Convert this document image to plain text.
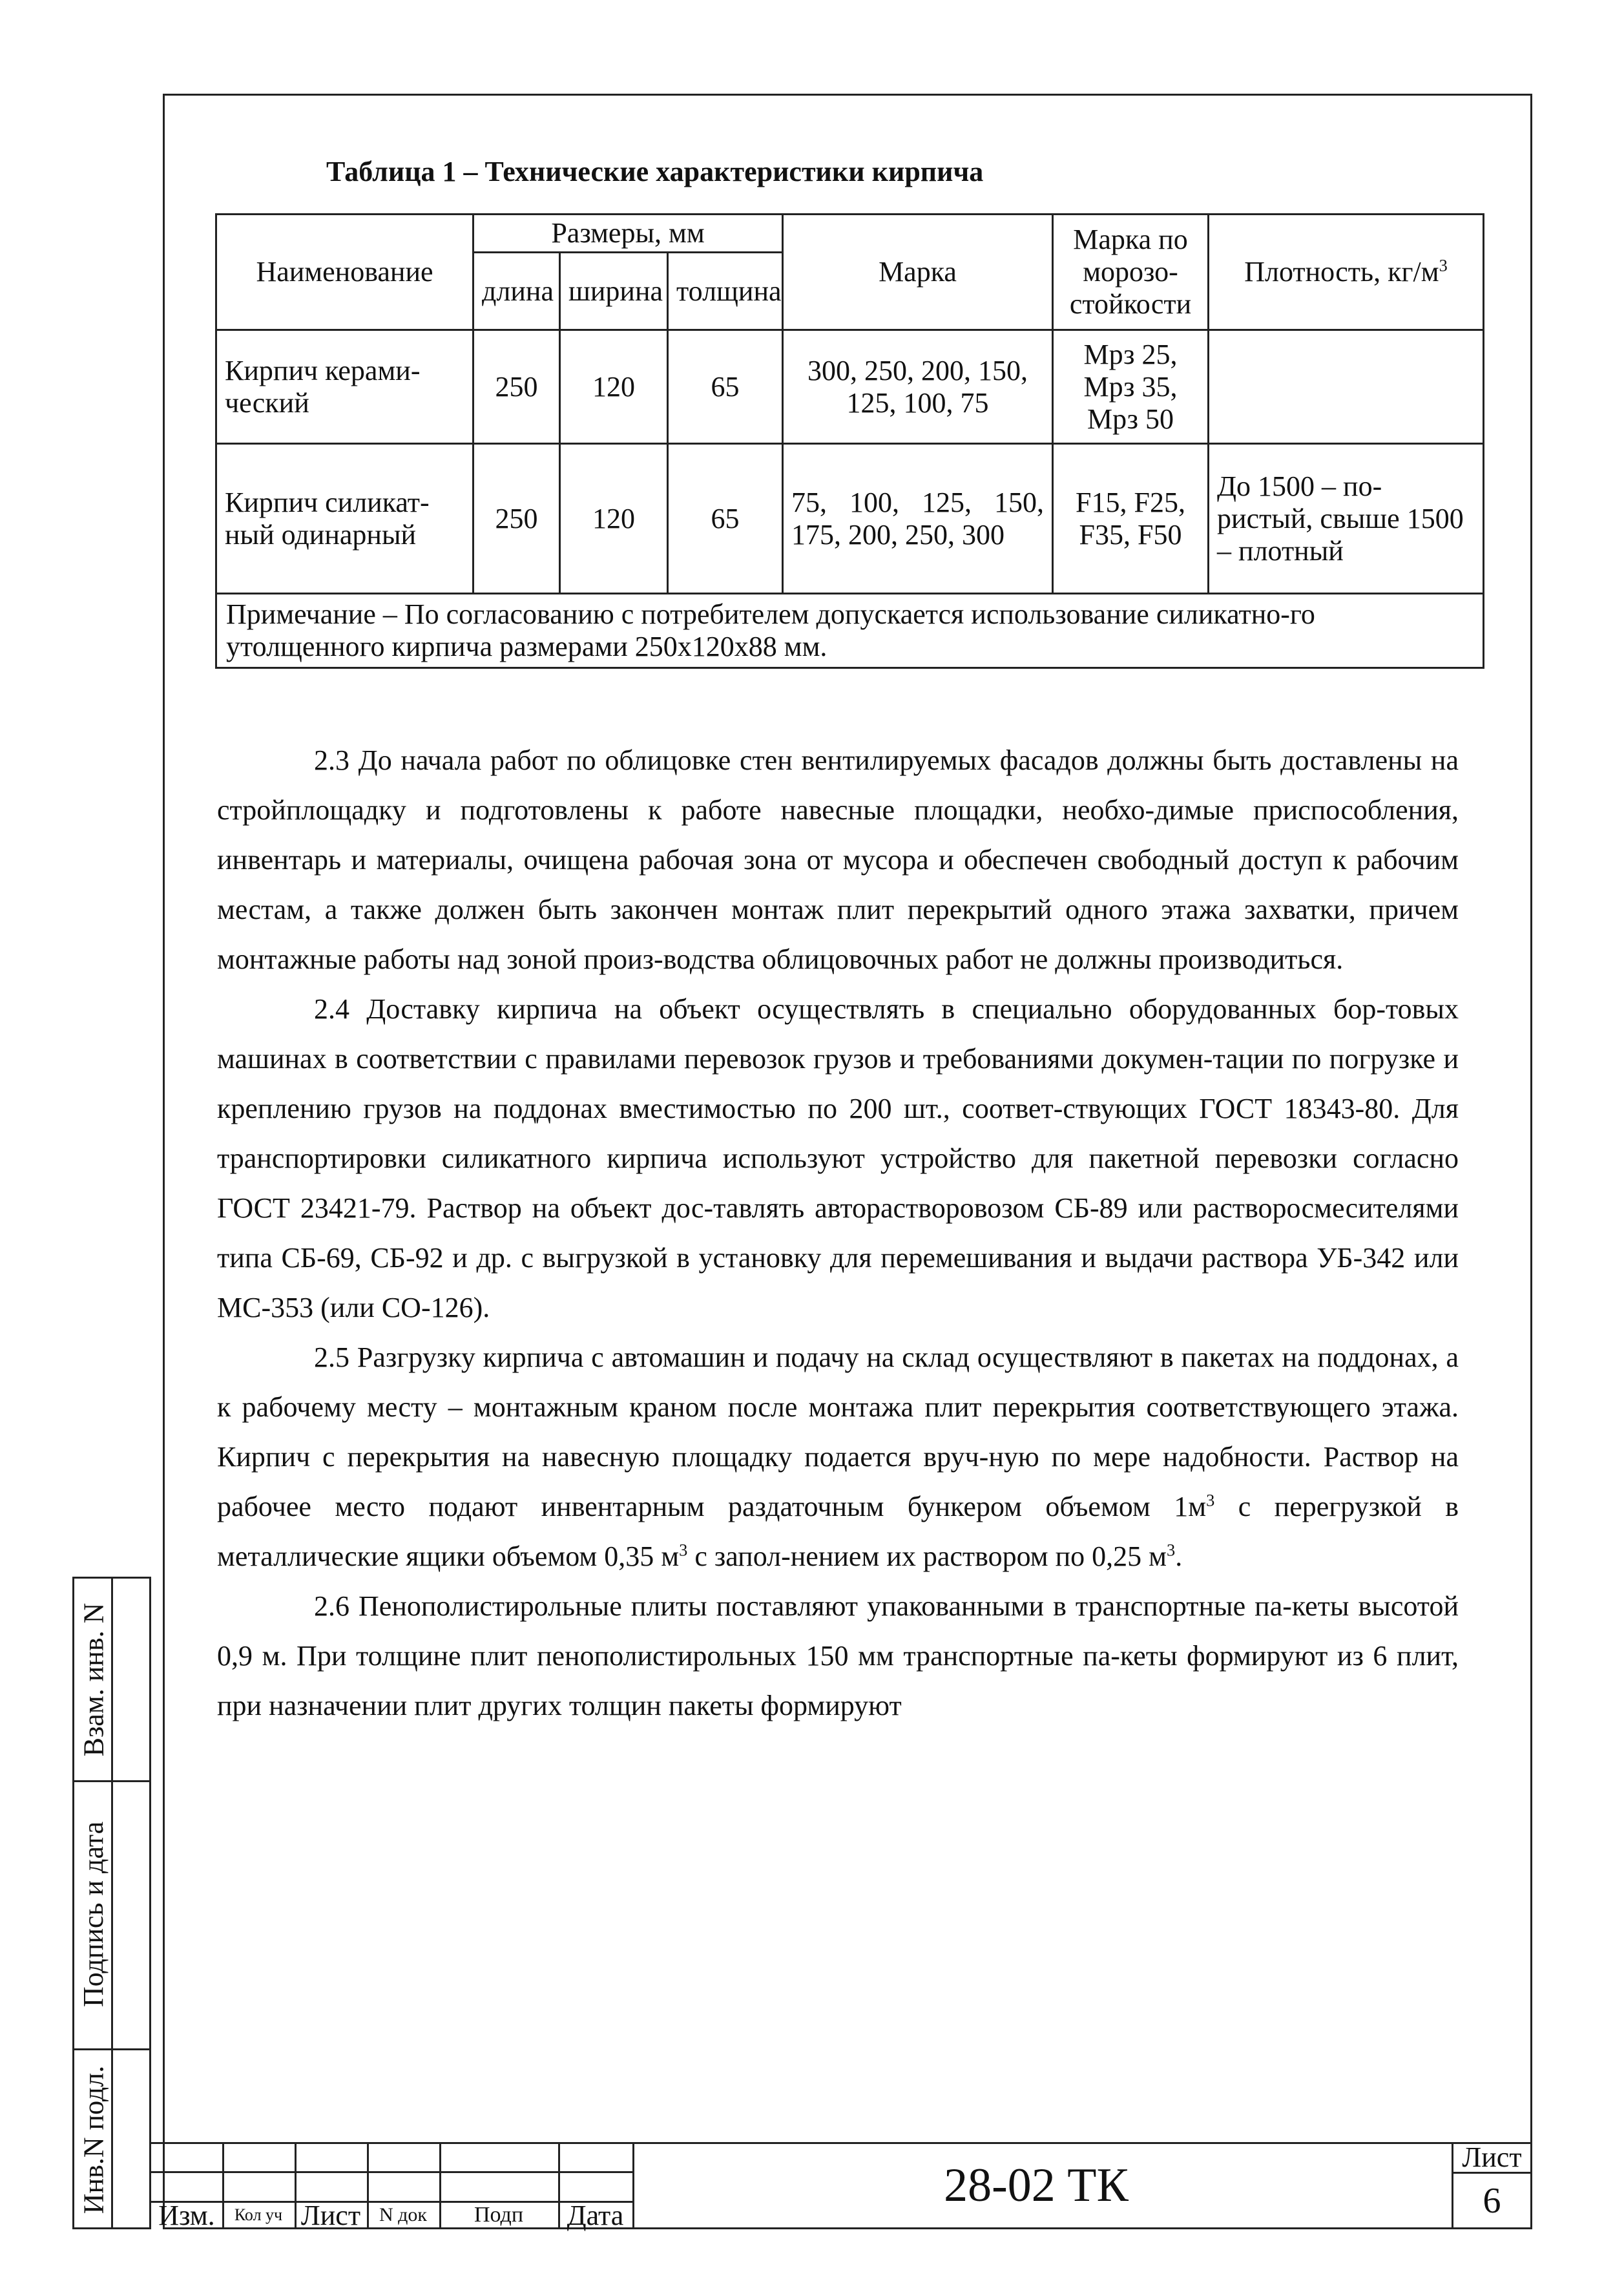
Взам. инв. N
Подпись и дата
Инв.N подл.
Таблица 1 – Технические характеристики кирпича
Наименование	Размеры, мм			Марка	Марка по морозо-стойкости	Плотность, $кг/м^3$
	длина	ширина	толщина			
Кирпич керами-ческий	250	120	65	300, 250, 200, 150, 125, 100, 75	Мрз 25, Мрз 35, Мрз 50	
Кирпич силикат-ный одинарный	250	120	65	75, 100, 125, 150, 175, 200, 250, 300	F15, F25, F35, F50	До 1500 – по-ристый, свыше 1500 – плотный
Примечание – По согласованию с потребителем допускается использование силикатно-го утолщенного кирпича размерами 250х120х88 мм.						

2.3 До начала работ по облицовке стен вентилируемых фасадов должны быть доставлены на стройплощадку и подготовлены к работе навесные площадки, необхо-димые приспособления, инвентарь и материалы, очищена рабочая зона от мусора и обеспечен свободный доступ к рабочим местам, а также должен быть закончен монтаж плит перекрытий одного этажа захватки, причем монтажные работы над зоной произ-водства облицовочных работ не должны производиться.

2.4 Доставку кирпича на объект осуществлять в специально оборудованных бор-товых машинах в соответствии с правилами перевозок грузов и требованиями докумен-тации по погрузке и креплению грузов на поддонах вместимостью по 200 шт., соответ-ствующих ГОСТ 18343-80. Для транспортировки силикатного кирпича используют устройство для пакетной перевозки согласно ГОСТ 23421-79. Раствор на объект дос-тавлять авторастворовозом СБ-89 или растворосмесителями типа СБ-69, СБ-92 и др. с выгрузкой в установку для перемешивания и выдачи раствора УБ-342 или МС-353 (или СО-126).

2.5 Разгрузку кирпича с автомашин и подачу на склад осуществляют в пакетах на поддонах, а к рабочему месту – монтажным краном после монтажа плит перекрытия соответствующего этажа. Кирпич с перекрытия на навесную площадку подается вруч-ную по мере надобности. Раствор на рабочее место подают инвентарным раздаточным бункером объемом $1м^3$ с перегрузкой в металлические ящики объемом 0,35 $м^3$ с запол-нением их раствором по 0,25 $м^3$.

2.6 Пенополистирольные плиты поставляют упакованными в транспортные па-кеты высотой 0,9 м. При толщине плит пенополистирольных 150 мм транспортные па-кеты формируют из 6 плит, при назначении плит других толщин пакеты формируют

Изм.	Кол уч Лист N док	Подп	Дата
28-02 ТК
Лист
6
